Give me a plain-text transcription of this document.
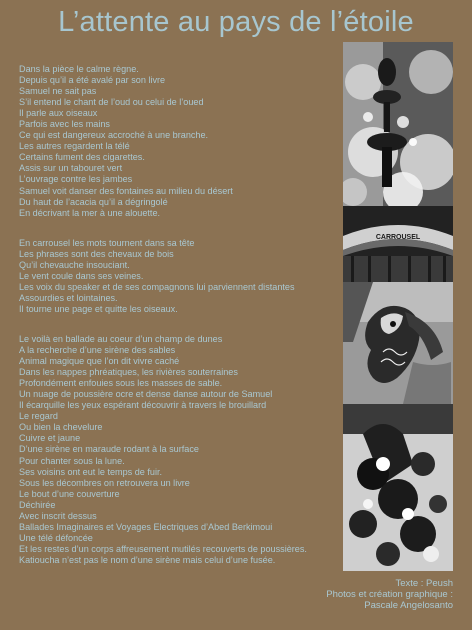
L’attente au pays de l’étoile
Dans la pièce le calme règne.
Depuis qu’il a été avalé par son livre
Samuel ne sait pas
S’il entend le chant de l’oud ou celui de l’oued
Il parle aux oiseaux
Parfois avec les mains
Ce qui est dangereux accroché à une branche.
Les autres regardent la télé
Certains fument des cigarettes.
Assis sur un tabouret vert
L’ouvrage contre les jambes
Samuel voit danser des fontaines au milieu du désert
Du haut de l’acacia qu’il a dégringolé
En décrivant la mer à une alouette.
En carrousel les mots tournent dans sa tête
Les phrases sont des chevaux de bois
Qu’il chevauche insouciant.
Le vent coule dans ses veines.
Les voix du speaker et de ses compagnons lui parviennent distantes
Assourdies et lointaines.
Il tourne une page et quitte les oiseaux.
Le voilà en ballade au coeur d’un champ de dunes
A la recherche d’une sirène des sables
Animal magique que l’on dit vivre caché
Dans les nappes phréatiques, les rivières souterraines
Profondément enfouies sous les masses de sable.
Un nuage de poussière ocre et dense danse autour de Samuel
Il écarquille les yeux espérant découvrir à travers le brouillard
Le regard
Ou bien la chevelure
Cuivre et jaune
D’une sirène en maraude rodant à la surface
Pour chanter sous la lune.
Ses voisins ont eut le temps de fuir.
Sous les décombres on retrouvera un livre
Le bout d’une couverture
Déchirée
Avec inscrit dessus
Ballades Imaginaires et Voyages Electriques d’Abed Berkimoui
Une télé défoncée
Et les restes d’un corps affreusement mutilés recouverts de poussières.
Katioucha n’est pas le nom d’une sirène mais celui d’une fusée.
CARROUSEL
Texte : Peush
Photos et création graphique :
Pascale Angelosanto
